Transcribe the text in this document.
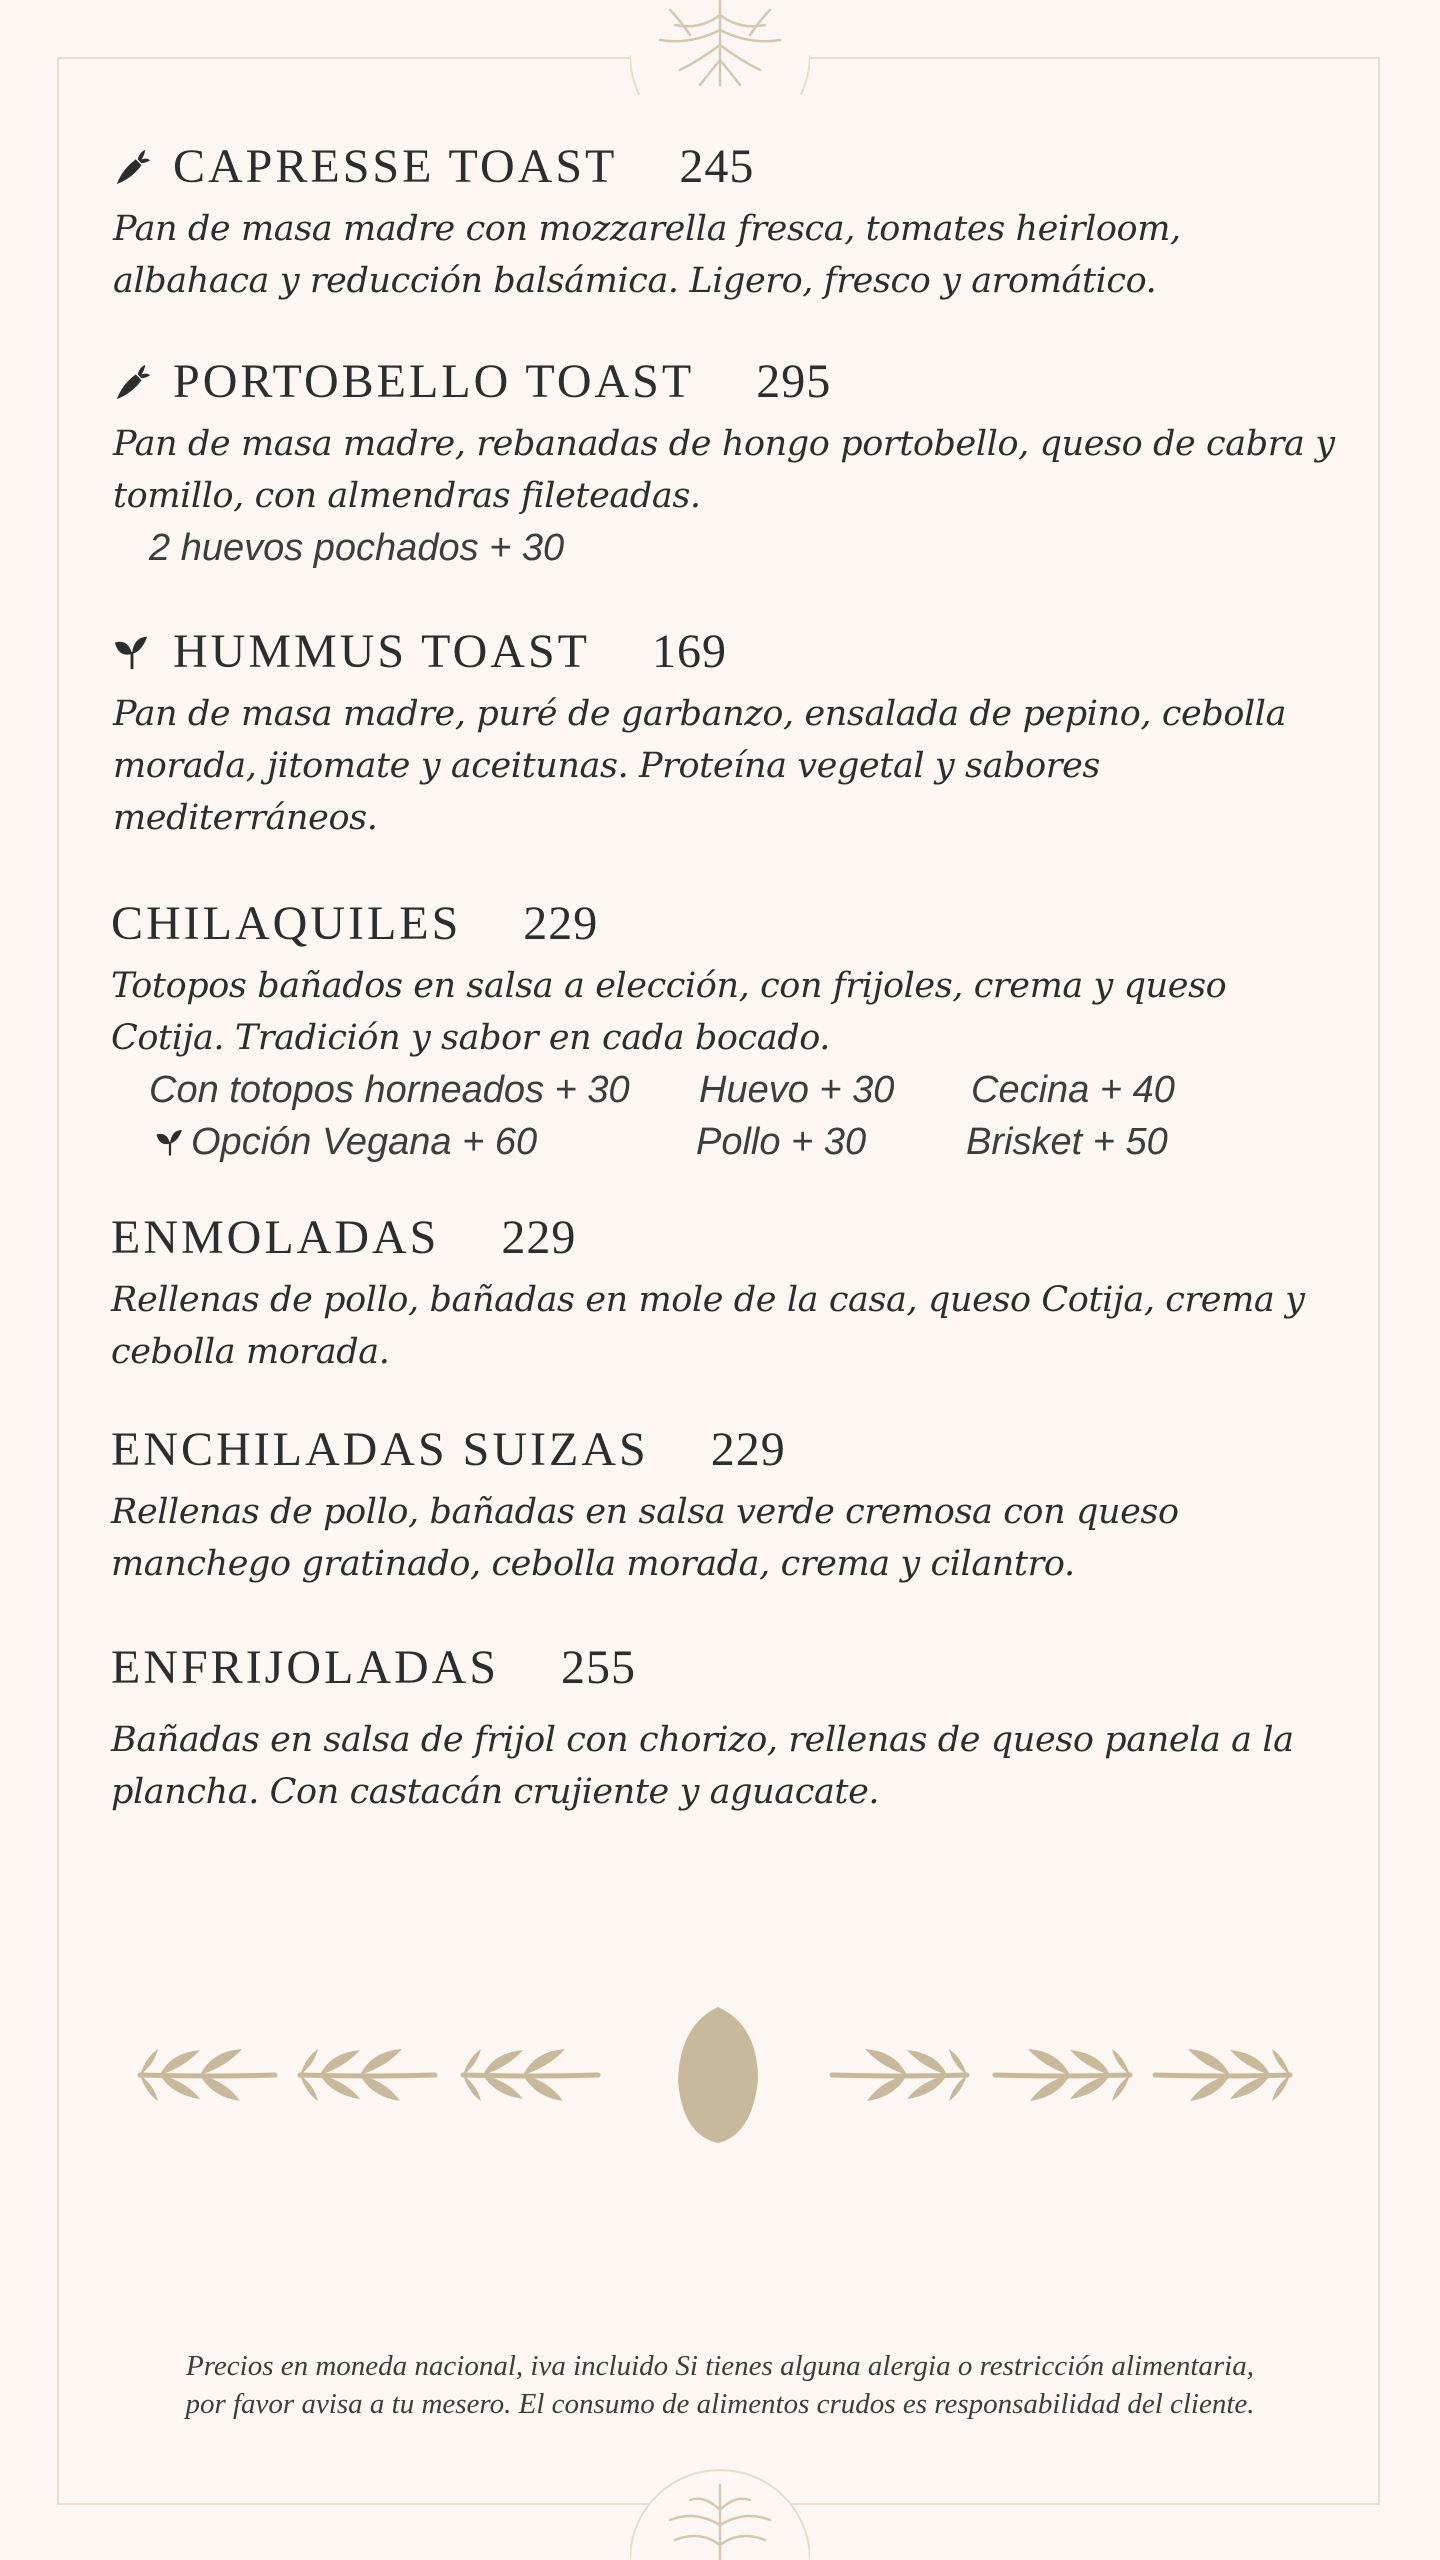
CAPRESSE TOAST 245
Pan de masa madre con mozzarella fresca, tomates heirloom, albahaca y reducción balsámica. Ligero, fresco y aromático.
PORTOBELLO TOAST 295
Pan de masa madre, rebanadas de hongo portobello, queso de cabra y tomillo, con almendras fileteadas.
2 huevos pochados + 30
HUMMUS TOAST 169
Pan de masa madre, puré de garbanzo, ensalada de pepino, cebolla morada, jitomate y aceitunas. Proteína vegetal y sabores mediterráneos.
CHILAQUILES 229
Totopos bañados en salsa a elección, con frijoles, crema y queso Cotija. Tradición y sabor en cada bocado.
Con totopos horneados + 30 Huevo + 30 Cecina + 40
Opción Vegana + 60	Pollo + 30	Brisket + 50
ENMOLADAS 229
Rellenas de pollo, bañadas en mole de la casa, queso Cotija, crema y cebolla morada.
ENCHILADAS SUIZAS 229
Rellenas de pollo, bañadas en salsa verde cremosa con queso manchego gratinado, cebolla morada, crema y cilantro.
ENFRIJOLADAS 255
Bañadas en salsa de frijol con chorizo, rellenas de queso panela a la plancha. Con castacán crujiente y aguacate.
Precios en moneda nacional, iva incluido Si tienes alguna alergia o restricción alimentaria,
por favor avisa a tu mesero. El consumo de alimentos crudos es responsabilidad del cliente.
